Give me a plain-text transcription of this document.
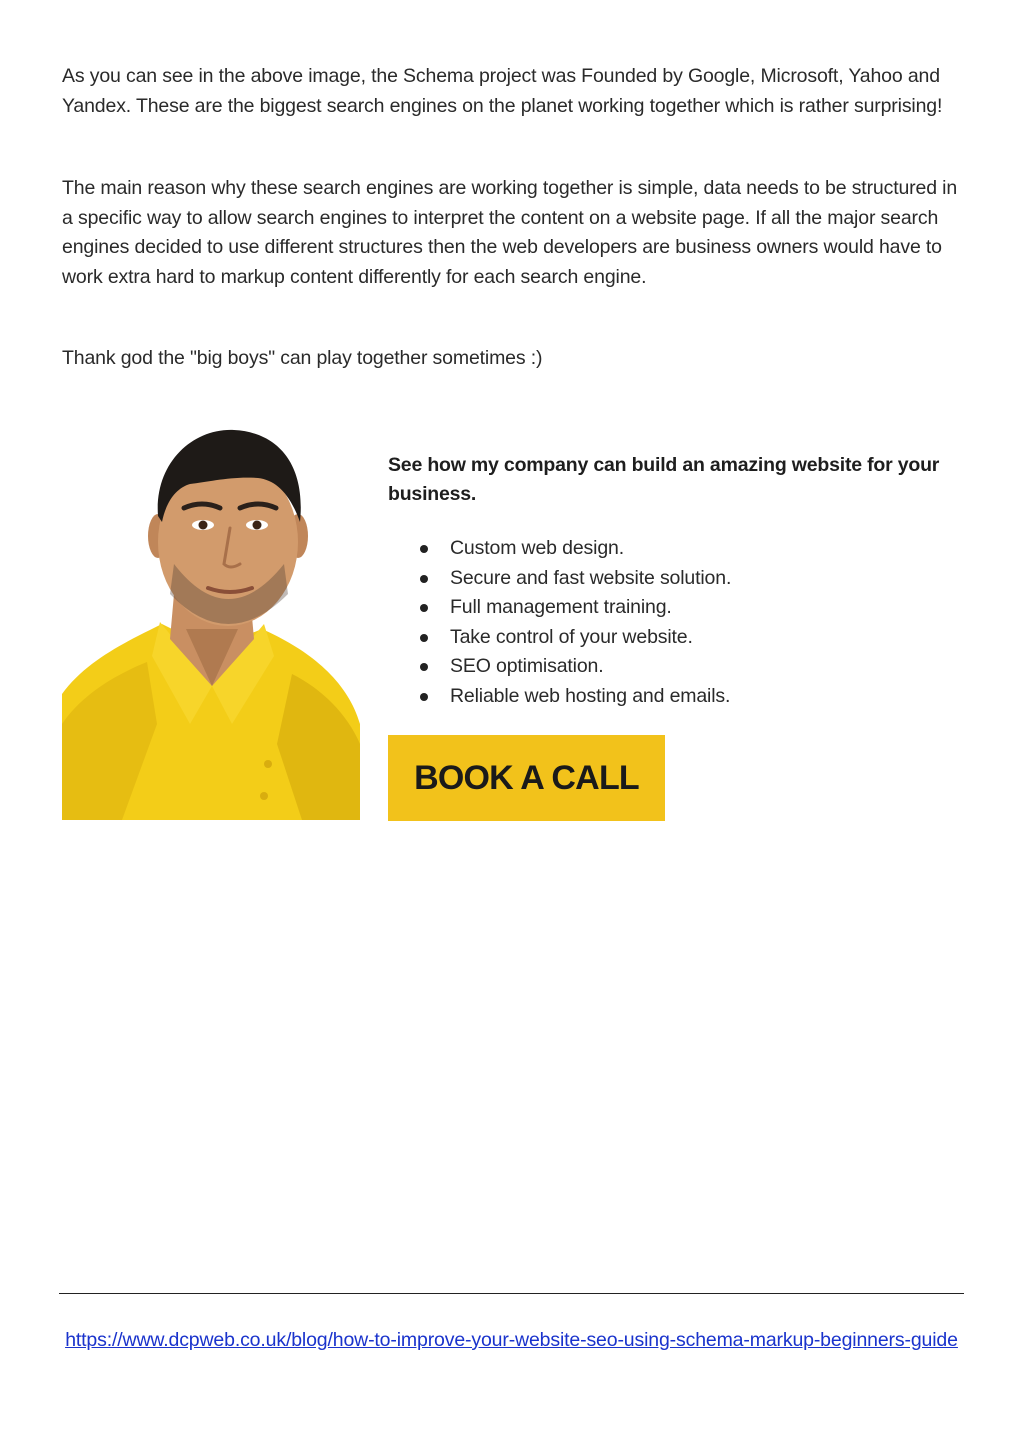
As you can see in the above image, the Schema project was Founded by Google, Microsoft, Yahoo and Yandex. These are the biggest search engines on the planet working together which is rather surprising!

The main reason why these search engines are working together is simple, data needs to be structured in a specific way to allow search engines to interpret the content on a website page. If all the major search engines decided to use different structures then the web developers are business owners would have to work extra hard to markup content differently for each search engine.

Thank god the "big boys" can play together sometimes :)

See how my company can build an amazing website for your business.

Custom web design.
Secure and fast website solution.
Full management training.
Take control of your website.
SEO optimisation.
Reliable web hosting and emails.
BOOK A CALL

https://www.dcpweb.co.uk/blog/how-to-improve-your-website-seo-using-schema-markup-beginners-guide
